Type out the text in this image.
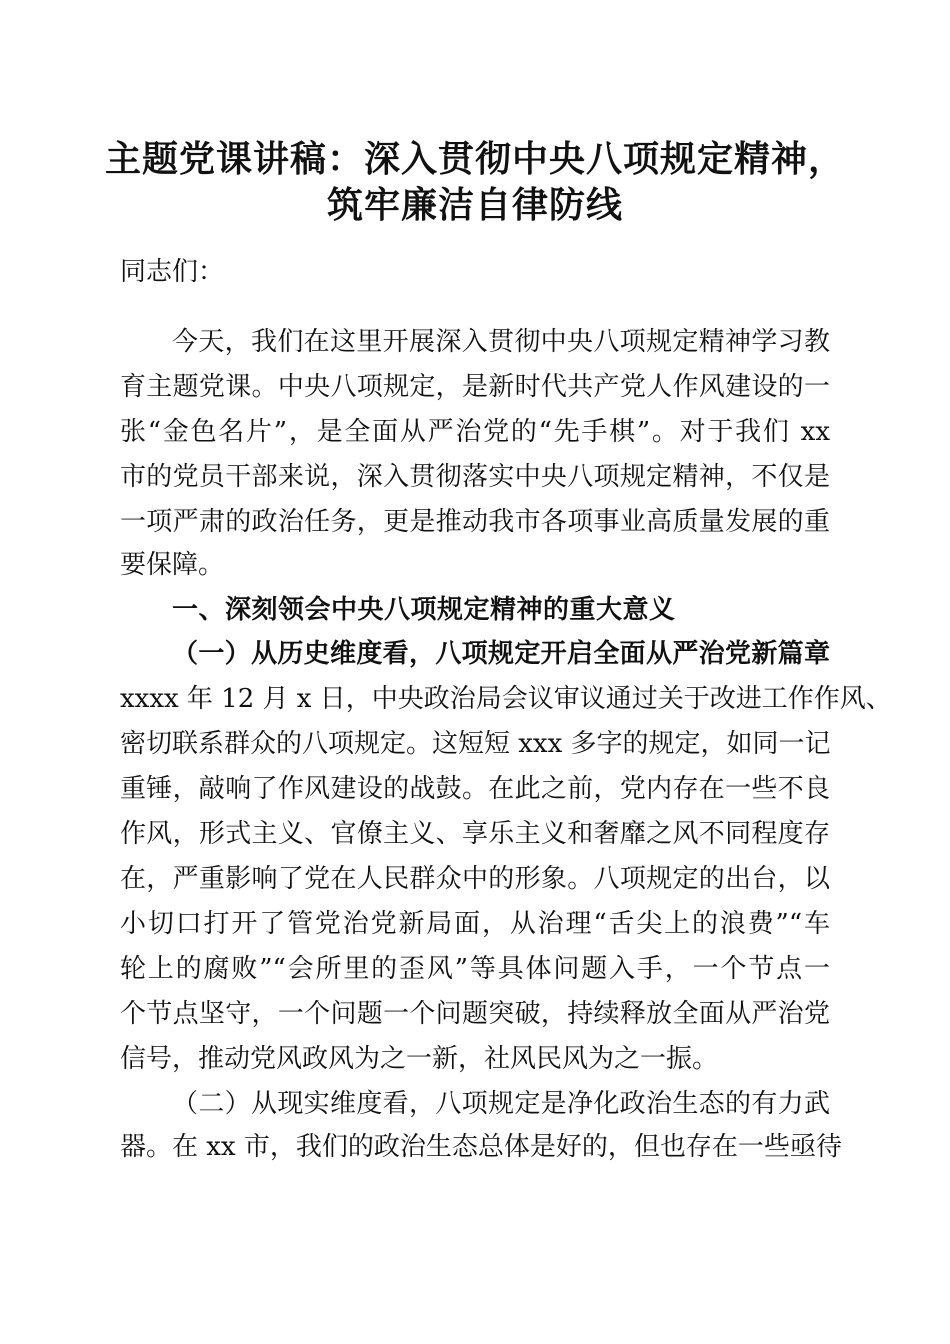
主题党课讲稿：深入贯彻中央八项规定精神，
筑牢廉洁自律防线
同志们：
今天，我们在这里开展深入贯彻中央八项规定精神学习教
育主题党课。中央八项规定，是新时代共产党人作风建设的一
张“金色名片”，是全面从严治党的“先手棋”。对于我们 xx
市的党员干部来说，深入贯彻落实中央八项规定精神，不仅是
一项严肃的政治任务，更是推动我市各项事业高质量发展的重
要保障。
一、深刻领会中央八项规定精神的重大意义
（一）从历史维度看，八项规定开启全面从严治党新篇章
xxxx 年 12 月 x 日，中央政治局会议审议通过关于改进工作作风、
密切联系群众的八项规定。这短短 xxx 多字的规定，如同一记
重锤，敲响了作风建设的战鼓。在此之前，党内存在一些不良
作风，形式主义、官僚主义、享乐主义和奢靡之风不同程度存
在，严重影响了党在人民群众中的形象。八项规定的出台，以
小切口打开了管党治党新局面，从治理“舌尖上的浪费”“车
轮上的腐败”“会所里的歪风”等具体问题入手，一个节点一
个节点坚守，一个问题一个问题突破，持续释放全面从严治党
信号，推动党风政风为之一新，社风民风为之一振。
（二）从现实维度看，八项规定是净化政治生态的有力武
器。在 xx 市，我们的政治生态总体是好的，但也存在一些亟待
